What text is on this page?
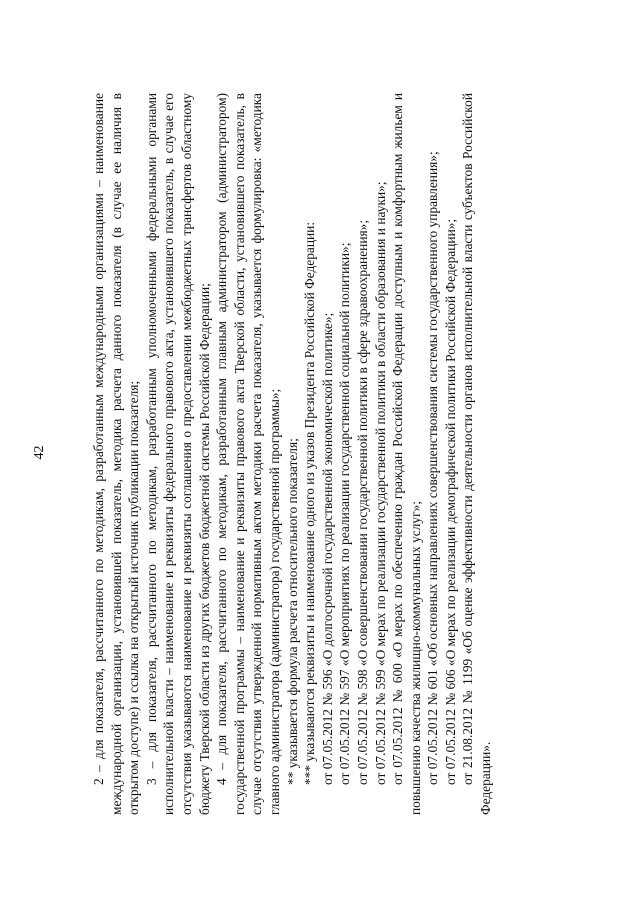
42	2 – для показателя, рассчитанного по методикам, разработанным международными организациями – наименование международной организации, установившей показатель, методика расчета данного показателя (в случае ее наличия в открытом доступе) и ссылка на открытый источник публикации показателя; 3 – для показателя, рассчитанного по методикам, разработанным уполномоченными федеральными органами исполнительной власти – наименование и реквизиты федерального правового акта, установившего показатель, в случае его отсутствия указываются наименование и реквизиты соглашения о предоставлении межбюджетных трансфертов областному бюджету Тверской области из других бюджетов бюджетной системы Российской Федерации; 4 – для показателя, рассчитанного по методикам, разработанным главным администратором (администратором) государственной программы – наименование и реквизиты правового акта Тверской области, установившего показатель, в случае отсутствия утвержденной нормативным актом методики расчета показателя, указывается формулировка: «методика главного администратора (администратора) государственной программы»; ** указывается формула расчета относительного показателя; *** указываются реквизиты и наименование одного из указов Президента Российской Федерации: от 07.05.2012 № 596 «О долгосрочной государственной экономической политике»; от 07.05.2012 № 597 «О мероприятиях по реализации государственной социальной политики»; от 07.05.2012 № 598 «О совершенствовании государственной политики в сфере здравоохранения»; от 07.05.2012 № 599 «О мерах по реализации государственной политики в области образования и науки»; от 07.05.2012 № 600 «О мерах по обеспечению граждан Российской Федерации доступным и комфортным жильем и повышению качества жилищно-коммунальных услуг»; от 07.05.2012 № 601 «Об основных направлениях совершенствования системы государственного управления»; от 07.05.2012 № 606 «О мерах по реализации демографической политики Российской Федерации»; от 21.08.2012 № 1199 «Об оценке эффективности деятельности органов исполнительной власти субъектов Российской Федерации».
